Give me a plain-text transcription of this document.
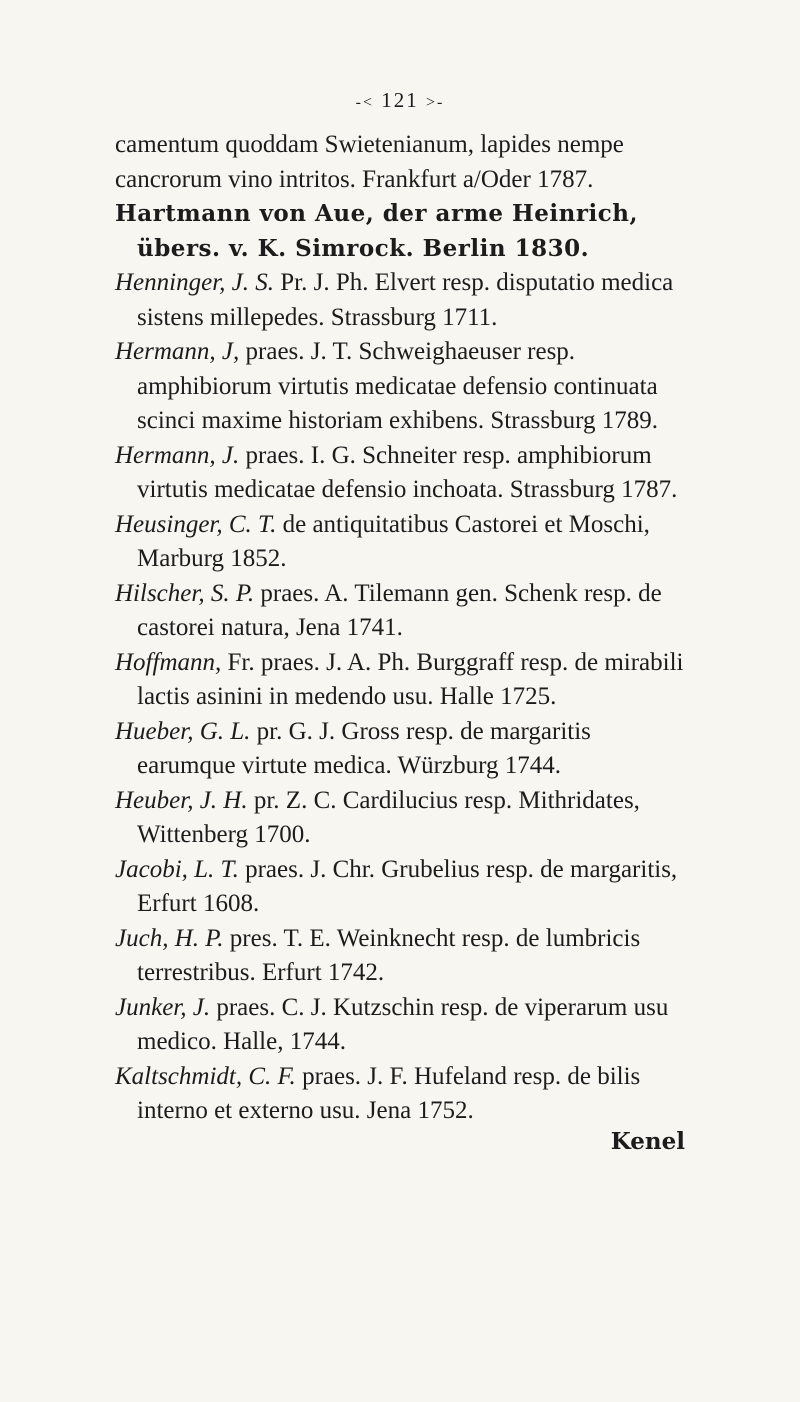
-< 121 >-

camentum quoddam Swietenianum, lapides nempe cancrorum vino intritos. Frankfurt a/Oder 1787.

Hartmann von Aue, der arme Heinrich, übers. v. K. Simrock. Berlin 1830.

Henninger, J. S. Pr. J. Ph. Elvert resp. disputatio medica sistens millepedes. Strassburg 1711.

Hermann, J, praes. J. T. Schweighaeuser resp. amphibiorum virtutis medicatae defensio continuata scinci maxime historiam exhibens. Strassburg 1789.

Hermann, J. praes. I. G. Schneiter resp. amphibiorum virtutis medicatae defensio inchoata. Strassburg 1787.

Heusinger, C. T. de antiquitatibus Castorei et Moschi, Marburg 1852.

Hilscher, S. P. praes. A. Tilemann gen. Schenk resp. de castorei natura, Jena 1741.

Hoffmann, Fr. praes. J. A. Ph. Burggraff resp. de mirabili lactis asinini in medendo usu. Halle 1725.

Hueber, G. L. pr. G. J. Gross resp. de margaritis earumque virtute medica. Würzburg 1744.

Heuber, J. H. pr. Z. C. Cardilucius resp. Mithridates, Wittenberg 1700.

Jacobi, L. T. praes. J. Chr. Grubelius resp. de margaritis, Erfurt 1608.

Juch, H. P. pres. T. E. Weinknecht resp. de lumbricis terrestribus. Erfurt 1742.

Junker, J. praes. C. J. Kutzschin resp. de viperarum usu medico. Halle, 1744.

Kaltschmidt, C. F. praes. J. F. Hufeland resp. de bilis interno et externo usu. Jena 1752.

Kenel
